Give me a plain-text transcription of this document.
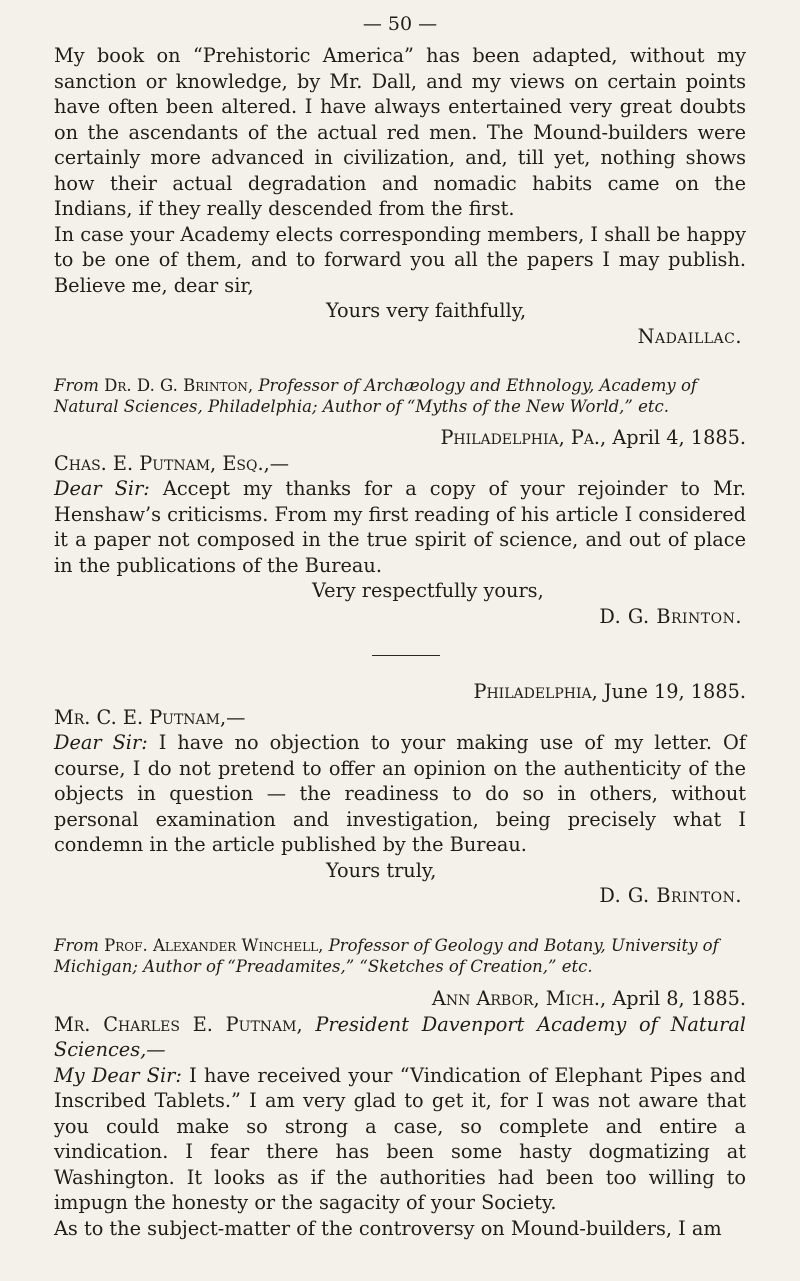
— 50 —

My book on “Prehistoric America” has been adapted, without my sanction or knowledge, by Mr. Dall, and my views on certain points have often been altered. I have always entertained very great doubts on the ascendants of the actual red men. The Mound-builders were certainly more advanced in civilization, and, till yet, nothing shows how their actual degradation and nomadic habits came on the Indians, if they really descended from the first.

In case your Academy elects corresponding members, I shall be happy to be one of them, and to forward you all the papers I may publish. Believe me, dear sir,

Yours very faithfully,
Nadaillac.
From Dr. D. G. Brinton, Professor of Archæology and Ethnology, Academy of Natural Sciences, Philadelphia; Author of “Myths of the New World,” etc.
Philadelphia, Pa., April 4, 1885.
Chas. E. Putnam, Esq.,—

Dear Sir: Accept my thanks for a copy of your rejoinder to Mr. Henshaw’s criticisms. From my first reading of his article I considered it a paper not composed in the true spirit of science, and out of place in the publications of the Bureau.

Very respectfully yours,
D. G. Brinton.
Philadelphia, June 19, 1885.
Mr. C. E. Putnam,—

Dear Sir: I have no objection to your making use of my letter. Of course, I do not pretend to offer an opinion on the authenticity of the objects in question — the readiness to do so in others, without personal examination and investigation, being precisely what I condemn in the article published by the Bureau.

Yours truly,
D. G. Brinton.
From Prof. Alexander Winchell, Professor of Geology and Botany, University of Michigan; Author of “Preadamites,” “Sketches of Creation,” etc.
Ann Arbor, Mich., April 8, 1885.

Mr. Charles E. Putnam, President Davenport Academy of Natural Sciences,—

My Dear Sir: I have received your “Vindication of Elephant Pipes and Inscribed Tablets.” I am very glad to get it, for I was not aware that you could make so strong a case, so complete and entire a vindication. I fear there has been some hasty dogmatizing at Washington. It looks as if the authorities had been too willing to impugn the honesty or the sagacity of your Society.

As to the subject-matter of the controversy on Mound-builders, I am
